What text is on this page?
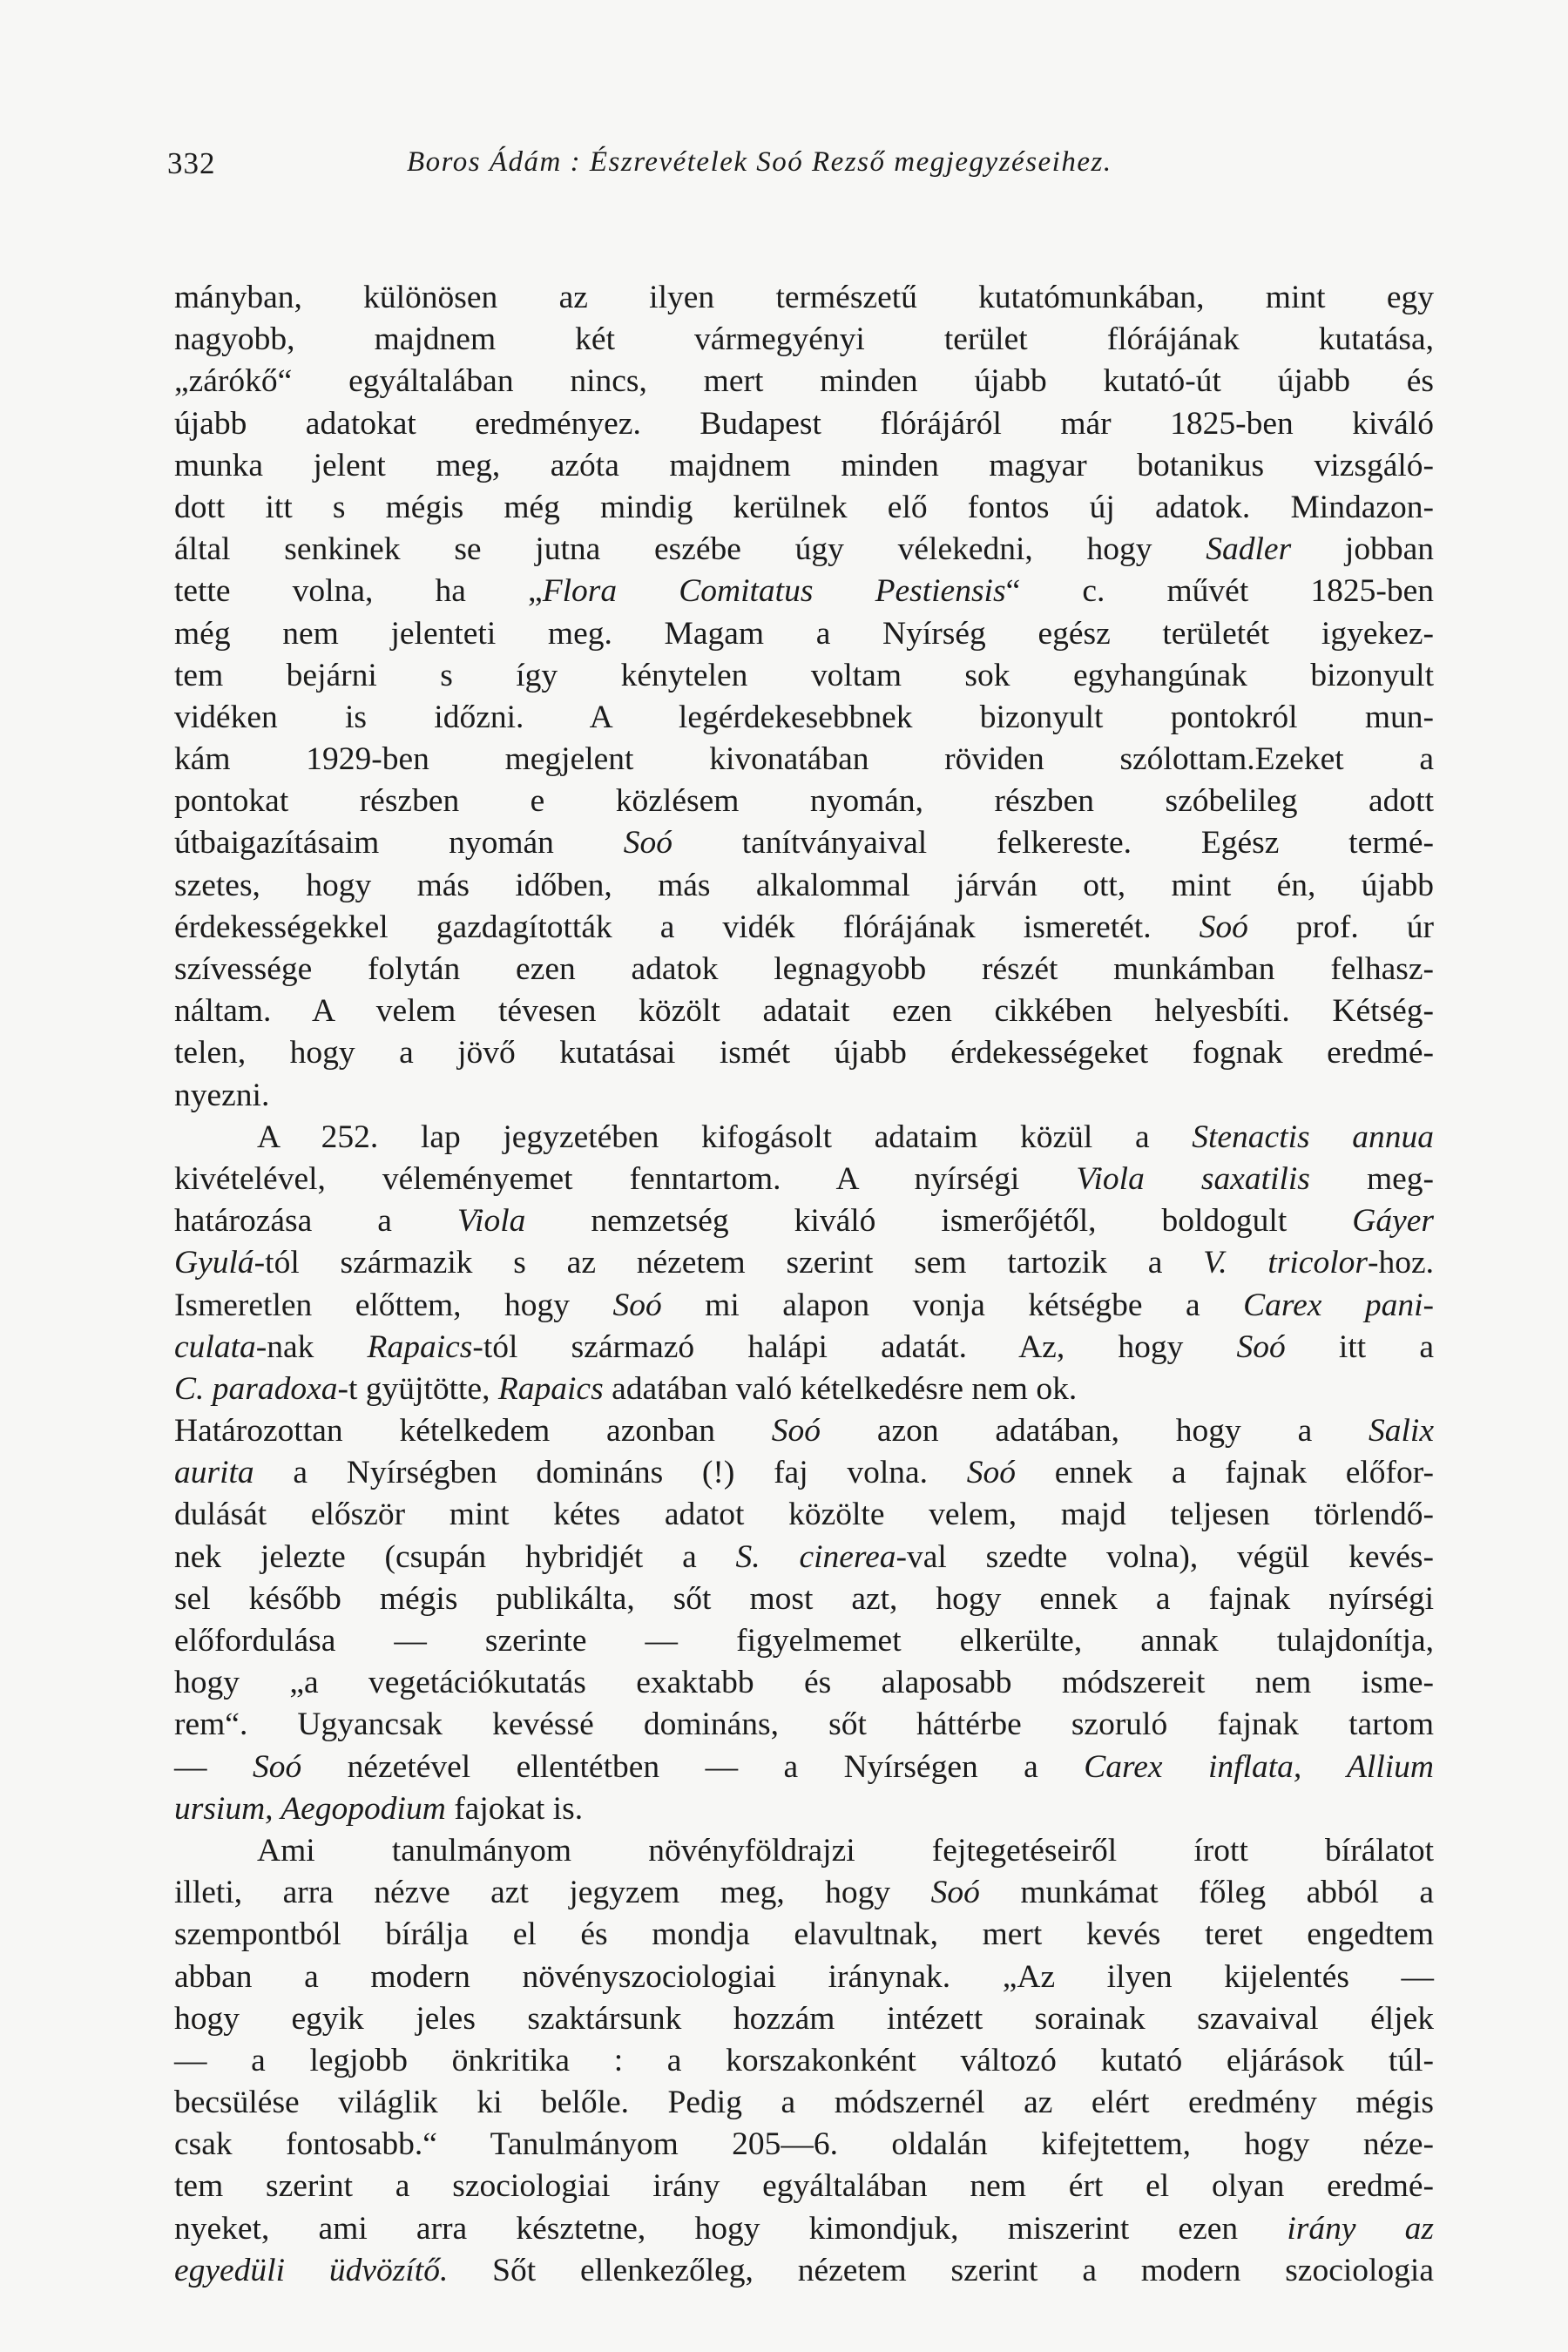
332	Boros Ádám : Észrevételek Soó Rezső megjegyzéseihez.
mányban, különösen az ilyen természetű kutatómunkában, mint egy
nagyobb, majdnem két vármegyényi terület flórájának kutatása,
„zárókő“ egyáltalában nincs, mert minden újabb kutató-út újabb és
újabb adatokat eredményez. Budapest flórájáról már 1825-ben kiváló
munka jelent meg, azóta majdnem minden magyar botanikus vizsgáló-
dott itt s mégis még mindig kerülnek elő fontos új adatok. Mindazon-
által senkinek se jutna eszébe úgy vélekedni, hogy Sadler jobban
tette volna, ha „Flora Comitatus Pestiensis“ c. művét 1825-ben
még nem jelenteti meg. Magam a Nyírség egész területét igyekez-
tem bejárni s így kénytelen voltam sok egyhangúnak bizonyult
vidéken is időzni. A legérdekesebbnek bizonyult pontokról mun-
kám 1929-ben megjelent kivonatában röviden szólottam.Ezeket a
pontokat részben e közlésem nyomán, részben szóbelileg adott
útbaigazításaim nyomán Soó tanítványaival felkereste. Egész termé-
szetes, hogy más időben, más alkalommal járván ott, mint én, újabb
érdekességekkel gazdagították a vidék flórájának ismeretét. Soó prof. úr
szívessége folytán ezen adatok legnagyobb részét munkámban felhasz-
náltam. A velem tévesen közölt adatait ezen cikkében helyesbíti. Kétség-
telen, hogy a jövő kutatásai ismét újabb érdekességeket fognak eredmé-
nyezni.
A 252. lap jegyzetében kifogásolt adataim közül a Stenactis annua
kivételével, véleményemet fenntartom. A nyírségi Viola saxatilis meg-
határozása a Viola nemzetség kiváló ismerőjétől, boldogult Gáyer
Gyulá-tól származik s az nézetem szerint sem tartozik a V. tricolor-hoz.
Ismeretlen előttem, hogy Soó mi alapon vonja kétségbe a Carex pani-
culata-nak Rapaics-tól származó halápi adatát. Az, hogy Soó itt a
C. paradoxa-t gyüjtötte, Rapaics adatában való kételkedésre nem ok.
Határozottan kételkedem azonban Soó azon adatában, hogy a Salix
aurita a Nyírségben domináns (!) faj volna. Soó ennek a fajnak előfor-
dulását először mint kétes adatot közölte velem, majd teljesen törlendő-
nek jelezte (csupán hybridjét a S. cinerea-val szedte volna), végül kevés-
sel később mégis publikálta, sőt most azt, hogy ennek a fajnak nyírségi
előfordulása — szerinte — figyelmemet elkerülte, annak tulajdonítja,
hogy „a vegetációkutatás exaktabb és alaposabb módszereit nem isme-
rem“. Ugyancsak kevéssé domináns, sőt háttérbe szoruló fajnak tartom
— Soó nézetével ellentétben — a Nyírségen a Carex inflata, Allium
ursium, Aegopodium fajokat is.
Ami tanulmányom növényföldrajzi fejtegetéseiről írott bírálatot
illeti, arra nézve azt jegyzem meg, hogy Soó munkámat főleg abból a
szempontból bírálja el és mondja elavultnak, mert kevés teret engedtem
abban a modern növényszociologiai iránynak. „Az ilyen kijelentés —
hogy egyik jeles szaktársunk hozzám intézett sorainak szavaival éljek
— a legjobb önkritika : a korszakonként változó kutató eljárások túl-
becsülése világlik ki belőle. Pedig a módszernél az elért eredmény mégis
csak fontosabb.“ Tanulmányom 205—6. oldalán kifejtettem, hogy néze-
tem szerint a szociologiai irány egyáltalában nem ért el olyan eredmé-
nyeket, ami arra késztetne, hogy kimondjuk, miszerint ezen irány az
egyedüli üdvözítő. Sőt ellenkezőleg, nézetem szerint a modern szociologia
